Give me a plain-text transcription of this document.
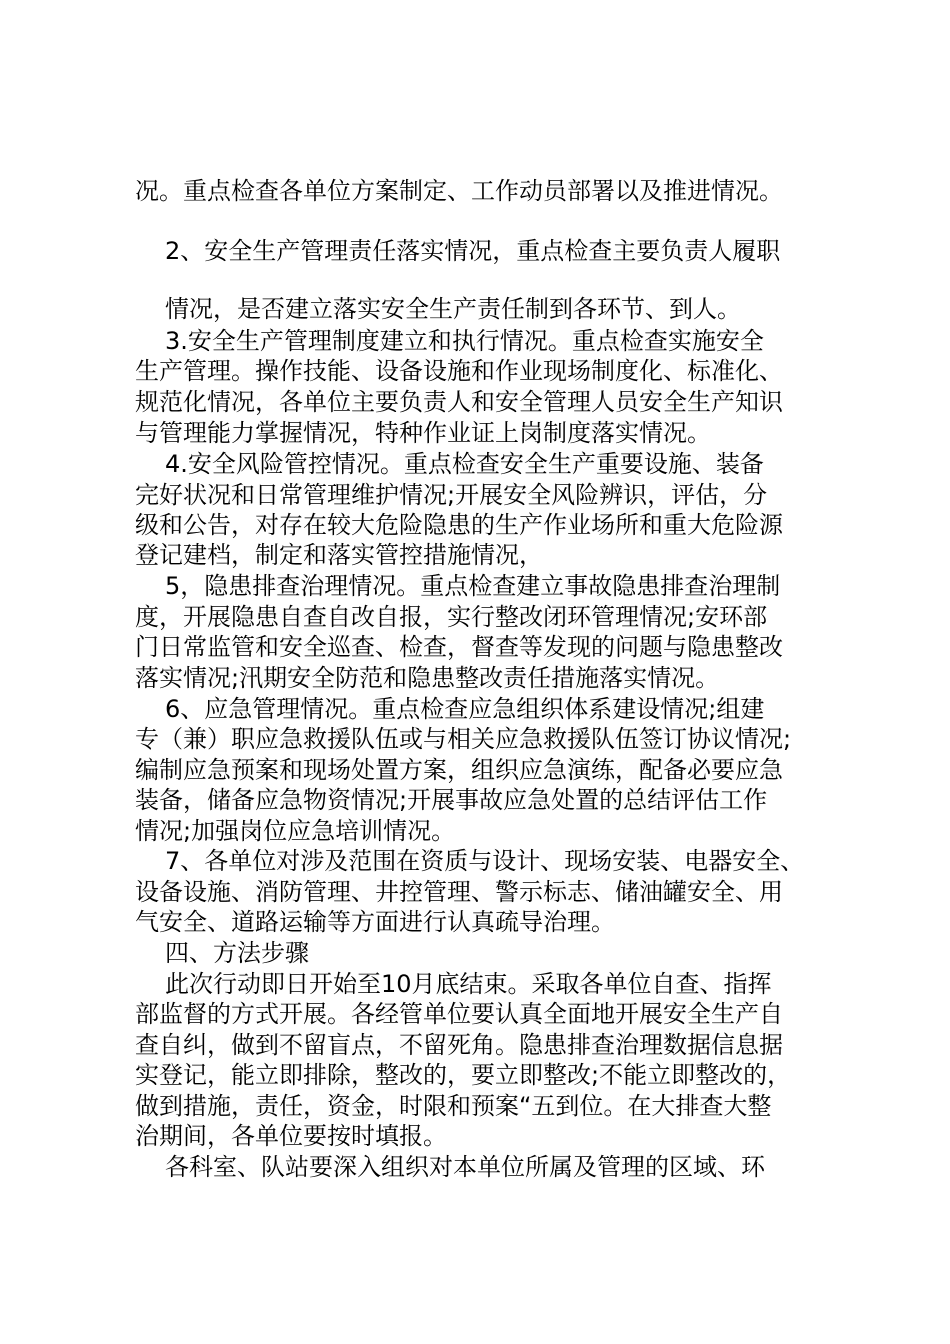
况。重点检查各单位方案制定、工作动员部署以及推进情况。
2、安全生产管理责任落实情况，重点检查主要负责人履职
情况，是否建立落实安全生产责任制到各环节、到人。
3.安全生产管理制度建立和执行情况。重点检查实施安全
生产管理。操作技能、设备设施和作业现场制度化、标准化、
规范化情况，各单位主要负责人和安全管理人员安全生产知识
与管理能力掌握情况，特种作业证上岗制度落实情况。
4.安全风险管控情况。重点检查安全生产重要设施、装备
完好状况和日常管理维护情况;开展安全风险辨识，评估，分
级和公告，对存在较大危险隐患的生产作业场所和重大危险源
登记建档，制定和落实管控措施情况，
5，隐患排查治理情况。重点检查建立事故隐患排查治理制
度，开展隐患自查自改自报，实行整改闭环管理情况;安环部
门日常监管和安全巡查、检查，督查等发现的问题与隐患整改
落实情况;汛期安全防范和隐患整改责任措施落实情况。
6、应急管理情况。重点检查应急组织体系建设情况;组建
专（兼）职应急救援队伍或与相关应急救援队伍签订协议情况;
编制应急预案和现场处置方案，组织应急演练，配备必要应急
装备，储备应急物资情况;开展事故应急处置的总结评估工作
情况;加强岗位应急培训情况。
7、各单位对涉及范围在资质与设计、现场安装、电器安全、
设备设施、消防管理、井控管理、警示标志、储油罐安全、用
气安全、道路运输等方面进行认真疏导治理。
四、方法步骤
此次行动即日开始至10月底结束。采取各单位自查、指挥
部监督的方式开展。各经管单位要认真全面地开展安全生产自
查自纠，做到不留盲点，不留死角。隐患排查治理数据信息据
实登记，能立即排除，整改的，要立即整改;不能立即整改的，
做到措施，责任，资金，时限和预案“五到位。在大排查大整
治期间，各单位要按时填报。
各科室、队站要深入组织对本单位所属及管理的区域、环
